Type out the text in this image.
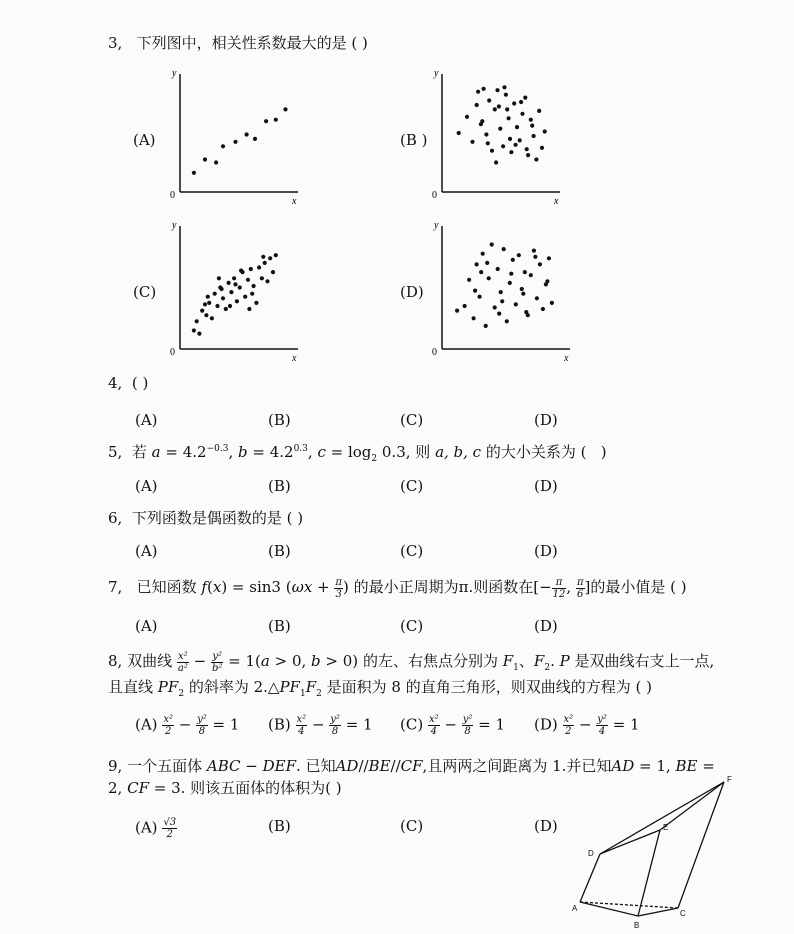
3, 下列图中，相关性系数最大的是 ( )
(A)	(B )
(C)	(D)
y
x
0
y
x
0
y
x
0
y
x
0
4, ( )
(A)	(B)	(C)	(D)
5, 若 $a = 4.2^{-0.3}$, $b = 4.2^{0.3}$, $c = \log_2 0.3$, 则 a, b, c 的大小关系为 (   )
(A)	(B)	(C)	(D)
6, 下列函数是偶函数的是 ( )
(A)	(B)	(C)	(D)
7, 已知函数 f(x) = sin3 ($\omega x + \frac{\pi}{3}$ ) 的最小正周期为π.则函数在[− $\frac{\pi}{12}$ , $\frac{\pi}{6}$ ]的最小值是 ( )
(A)	(B)	(C)	(D)
8, 双曲线 $\frac{\text{x²}}{\text{a²}} - \frac{\text{y²}}{\text{b²}} = 1(a > 0$, b > 0) 的左、右焦点分别为 $F_1$、$F_2$. P 是双曲线右支上一点,
且直线 $PF_2$ 的斜率为 $2.\triangle PF_1F_2$ 是面积为 8 的直角三角形，则双曲线的方程为 ( )
$(A) \frac{\text{x²}}{2} - \frac{\text{y²}}{8} = 1$ $(B) \frac{\text{x²}}{4} - \frac{\text{y²}}{8} = 1$ $(C) \frac{\text{x²}}{4} - \frac{\text{y²}}{8} = 1$ $(D) \frac{\text{x²}}{2} - \frac{\text{y²}}{4} = 1$
9, 一个五面体 ABC − DEF. 已知AD//BE//CF,且两两之间距离为 1.并已知AD = 1, BE =
2, CF = 3. 则该五面体的体积为( )
$(A) \frac{√3}{2}$	(B)	(C)	(D)
D
E
F
A
B
C
